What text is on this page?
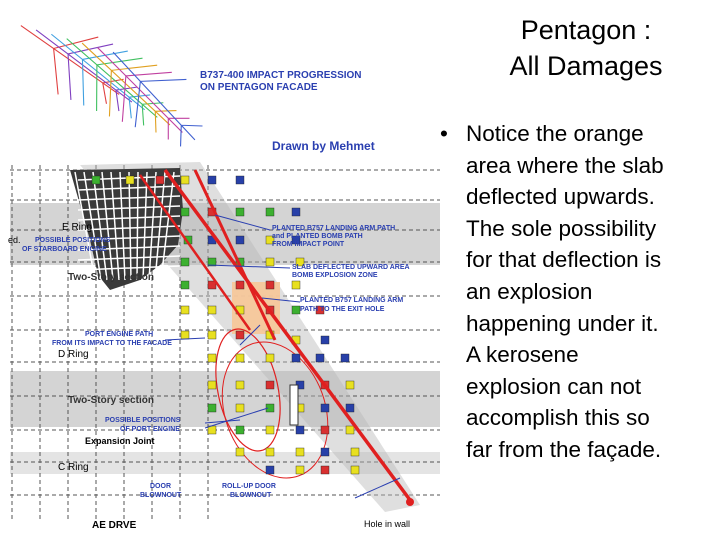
B737-400 IMPACT PROGRESSION ON PENTAGON FACADE
Drawn by Mehmet
E Ring
D Ring
C Ring
AE DRVE
ed.
Two-Story section
Two-Story section
Expansion Joint
POSSIBLE POSITIONS OF STARBOARD ENGINE
PLANTED B757 LANDING ARM PATH and PLANTED BOMB PATH FROM IMPACT POINT
SLAB DEFLECTED UPWARD AREA BOMB EXPLOSION ZONE
PLANTED B757 LANDING ARM PATH TO THE EXIT HOLE
PORT ENGINE PATH FROM ITS IMPACT TO THE FACADE
POSSIBLE POSITIONS OF PORT ENGINE
DOOR BLOWNOUT
ROLL-UP DOOR BLOWNOUT
Hole in wall
Pentagon :
All Damages
• Notice the orange
area where the slab
deflected upwards.
The sole possibility
for that deflection is
an explosion
happening under it.
A kerosene
explosion can not
accomplish this so
far from the façade.
